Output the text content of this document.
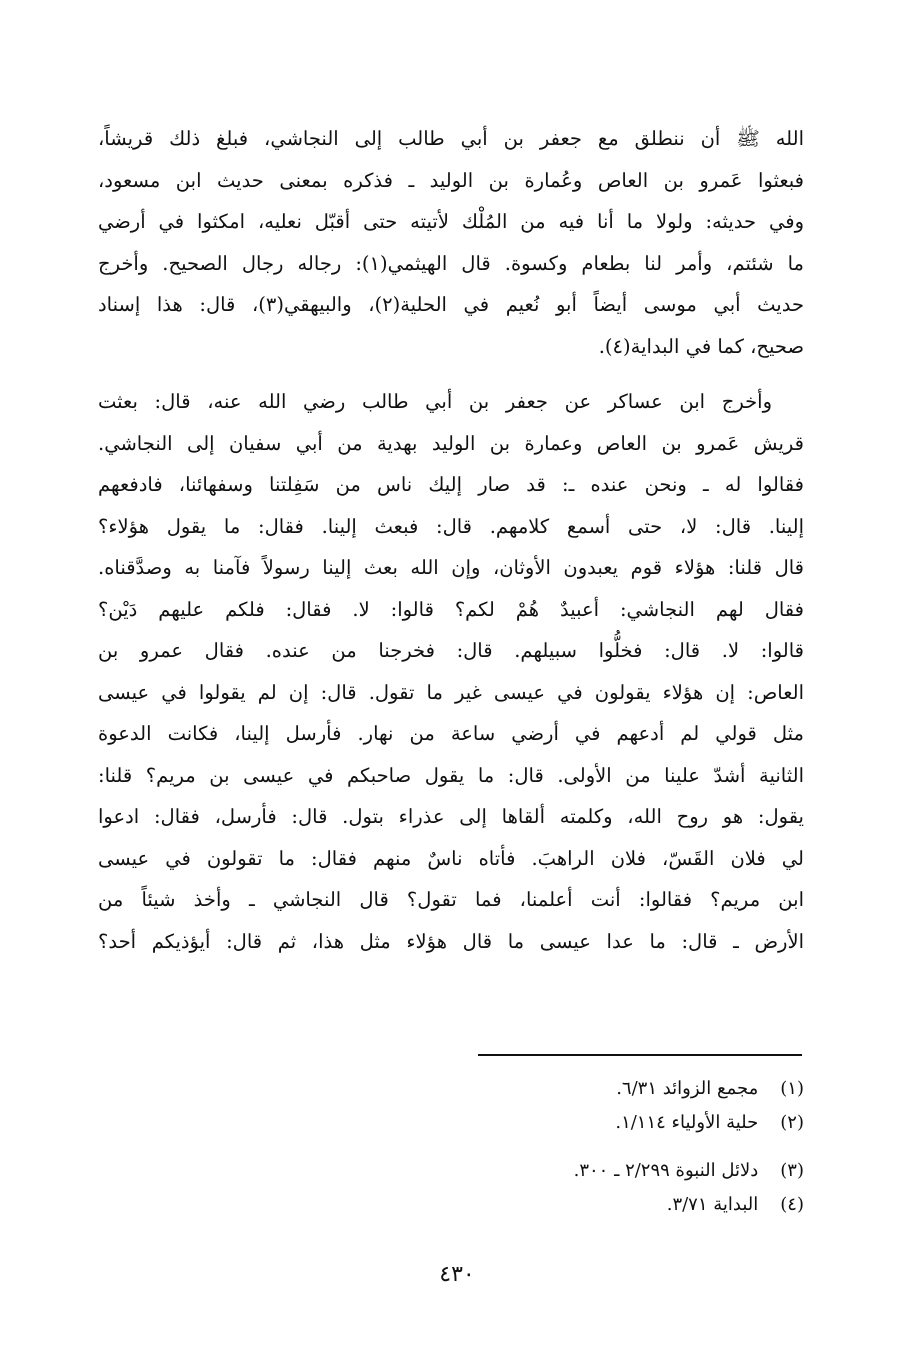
الله ﷺ أن ننطلق مع جعفر بن أبي طالب إلى النجاشي، فبلغ ذلك قريشاً،
فبعثوا عَمرو بن العاص وعُمارة بن الوليد ـ فذكره بمعنى حديث ابن مسعود،
وفي حديثه: ولولا ما أنا فيه من المُلْك لأتيته حتى أقبّل نعليه، امكثوا في أرضي
ما شئتم، وأمر لنا بطعام وكسوة. قال الهيثمي(١): رجاله رجال الصحيح. وأخرج
حديث أبي موسى أيضاً أبو نُعيم في الحلية(٢)، والبيهقي(٣)، قال: هذا إسناد
صحيح، كما في البداية(٤).

وأخرج ابن عساكر عن جعفر بن أبي طالب رضي الله عنه، قال: بعثت
قريش عَمرو بن العاص وعمارة بن الوليد بهدية من أبي سفيان إلى النجاشي.
فقالوا له ـ ونحن عنده ـ: قد صار إليك ناس من سَفِلتنا وسفهائنا، فادفعهم
إلينا. قال: لا، حتى أسمع كلامهم. قال: فبعث إلينا. فقال: ما يقول هؤلاء؟
قال قلنا: هؤلاء قوم يعبدون الأوثان، وإن الله بعث إلينا رسولاً فآمنا به وصدَّقناه.
فقال لهم النجاشي: أعبيدٌ هُمْ لكم؟ قالوا: لا. فقال: فلكم عليهم دَيْن؟
قالوا: لا. قال: فخلُّوا سبيلهم. قال: فخرجنا من عنده. فقال عمرو بن
العاص: إن هؤلاء يقولون في عيسى غير ما تقول. قال: إن لم يقولوا في عيسى
مثل قولي لم أدعهم في أرضي ساعة من نهار. فأرسل إلينا، فكانت الدعوة
الثانية أشدّ علينا من الأولى. قال: ما يقول صاحبكم في عيسى بن مريم؟ قلنا:
يقول: هو روح الله، وكلمته ألقاها إلى عذراء بتول. قال: فأرسل، فقال: ادعوا
لي فلان القَسّ، فلان الراهبَ. فأتاه ناسٌ منهم فقال: ما تقولون في عيسى
ابن مريم؟ فقالوا: أنت أعلمنا، فما تقول؟ قال النجاشي ـ وأخذ شيئاً من
الأرض ـ قال: ما عدا عيسى ما قال هؤلاء مثل هذا، ثم قال: أيؤذيكم أحد؟

(١) مجمع الزوائد ٦/٣١.
(٢) حلية الأولياء ١/١١٤.
(٣) دلائل النبوة ٢/٢٩٩ ـ ٣٠٠.
(٤) البداية ٣/٧١.
٤٣٠
